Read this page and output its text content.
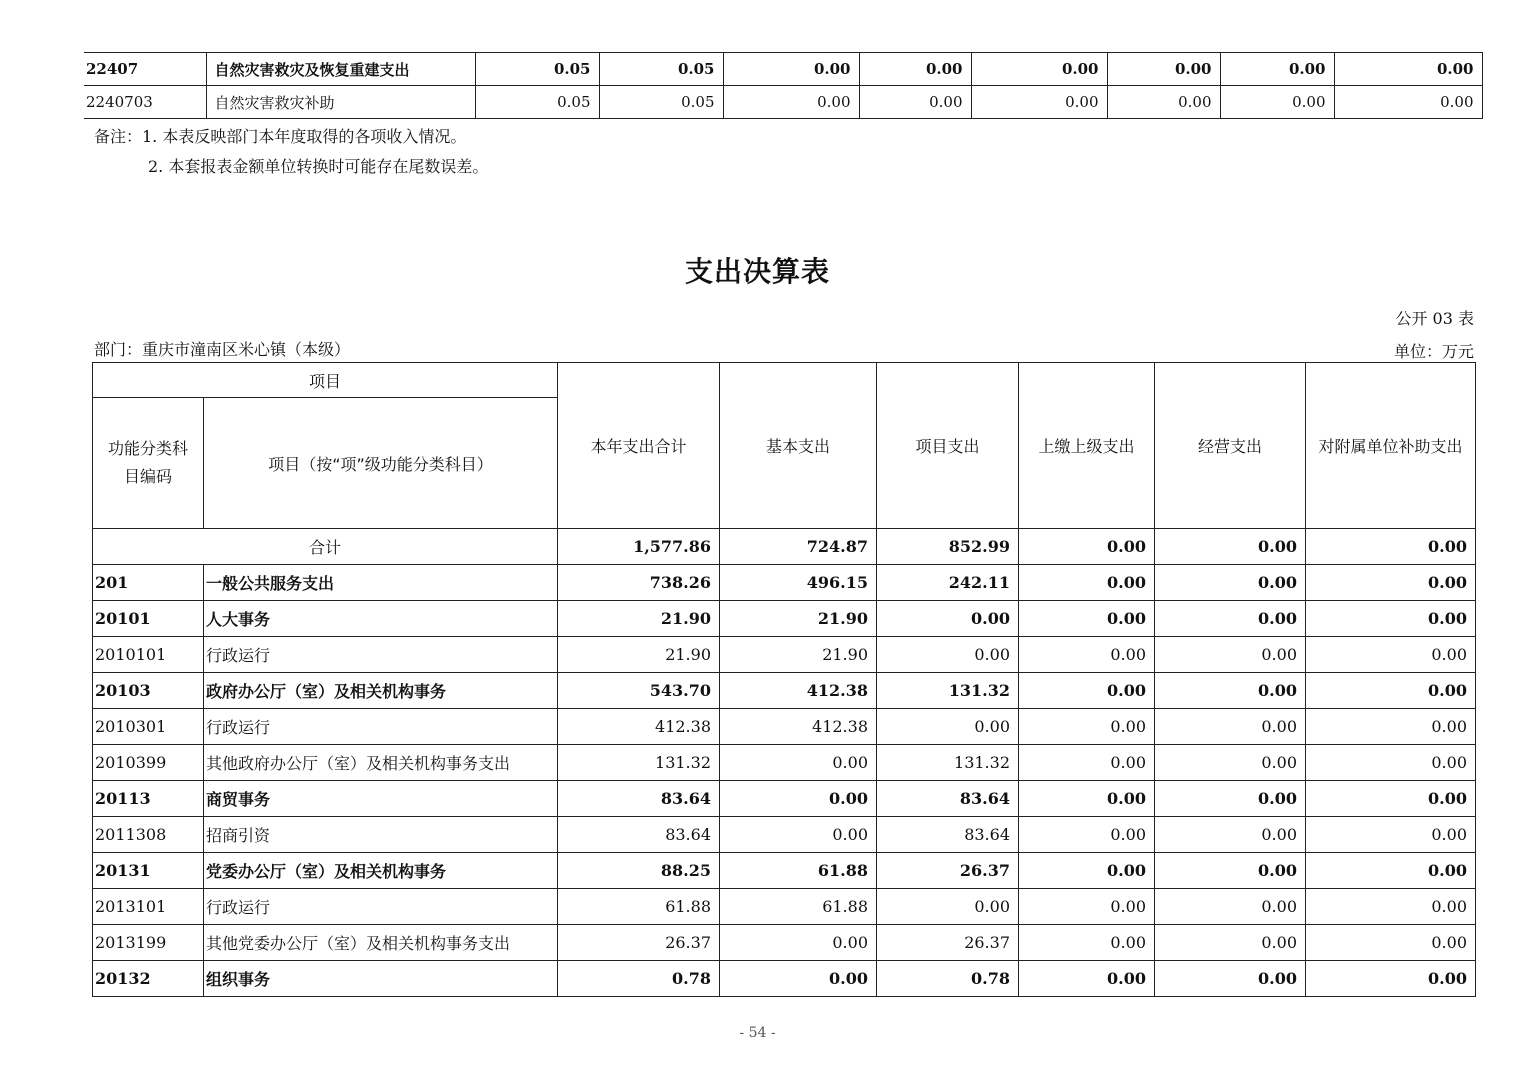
22407	自然灾害救灾及恢复重建支出	0.05	0.05	0.00	0.00	0.00	0.00	0.00	0.00
2240703	自然灾害救灾补助	0.05	0.05	0.00	0.00	0.00	0.00	0.00	0.00
备注：1. 本表反映部门本年度取得的各项收入情况。
2. 本套报表金额单位转换时可能存在尾数误差。
支出决算表
公开 03 表
部门：重庆市潼南区米心镇（本级）	单位：万元
项目		本年支出合计	基本支出	项目支出	上缴上级支出	经营支出	对附属单位补助支出
功能分类科目编码	项目（按“项”级功能分类科目）						
合计		1,577.86	724.87	852.99	0.00	0.00	0.00
201	一般公共服务支出	738.26	496.15	242.11	0.00	0.00	0.00
20101	人大事务	21.90	21.90	0.00	0.00	0.00	0.00
2010101	行政运行	21.90	21.90	0.00	0.00	0.00	0.00
20103	政府办公厅（室）及相关机构事务	543.70	412.38	131.32	0.00	0.00	0.00
2010301	行政运行	412.38	412.38	0.00	0.00	0.00	0.00
2010399	其他政府办公厅（室）及相关机构事务支出	131.32	0.00	131.32	0.00	0.00	0.00
20113	商贸事务	83.64	0.00	83.64	0.00	0.00	0.00
2011308	招商引资	83.64	0.00	83.64	0.00	0.00	0.00
20131	党委办公厅（室）及相关机构事务	88.25	61.88	26.37	0.00	0.00	0.00
2013101	行政运行	61.88	61.88	0.00	0.00	0.00	0.00
2013199	其他党委办公厅（室）及相关机构事务支出	26.37	0.00	26.37	0.00	0.00	0.00
20132	组织事务	0.78	0.00	0.78	0.00	0.00	0.00
- 54 -
